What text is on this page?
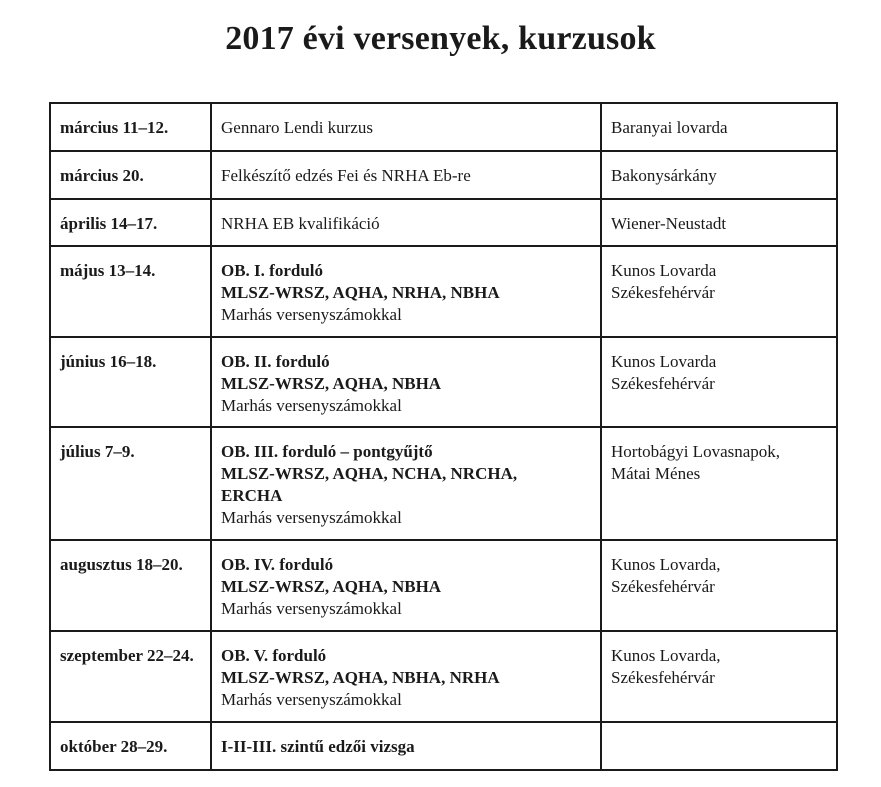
2017 évi versenyek, kurzusok
március 11–12.	Gennaro Lendi kurzus	Baranyai lovarda

március 20.	Felkészítő edzés Fei és NRHA Eb-re	Bakonysárkány

április 14–17.	NRHA EB kvalifikáció	Wiener-Neustadt

május 13–14.	OB. I. forduló
MLSZ-WRSZ, AQHA, NRHA, NBHA
Marhás versenyszámokkal	Kunos Lovarda
Székesfehérvár

június 16–18.	OB. II. forduló
MLSZ-WRSZ, AQHA, NBHA
Marhás versenyszámokkal	Kunos Lovarda
Székesfehérvár

július 7–9.	OB. III. forduló – pontgyűjtő
MLSZ-WRSZ, AQHA, NCHA, NRCHA,
ERCHA
Marhás versenyszámokkal	Hortobágyi Lovasnapok,
Mátai Ménes

augusztus 18–20.	OB. IV. forduló
MLSZ-WRSZ, AQHA, NBHA
Marhás versenyszámokkal	Kunos Lovarda,
Székesfehérvár

szeptember 22–24.	OB. V. forduló
MLSZ-WRSZ, AQHA, NBHA, NRHA
Marhás versenyszámokkal	Kunos Lovarda,
Székesfehérvár

október 28–29.	I-II-III. szintű edzői vizsga	
